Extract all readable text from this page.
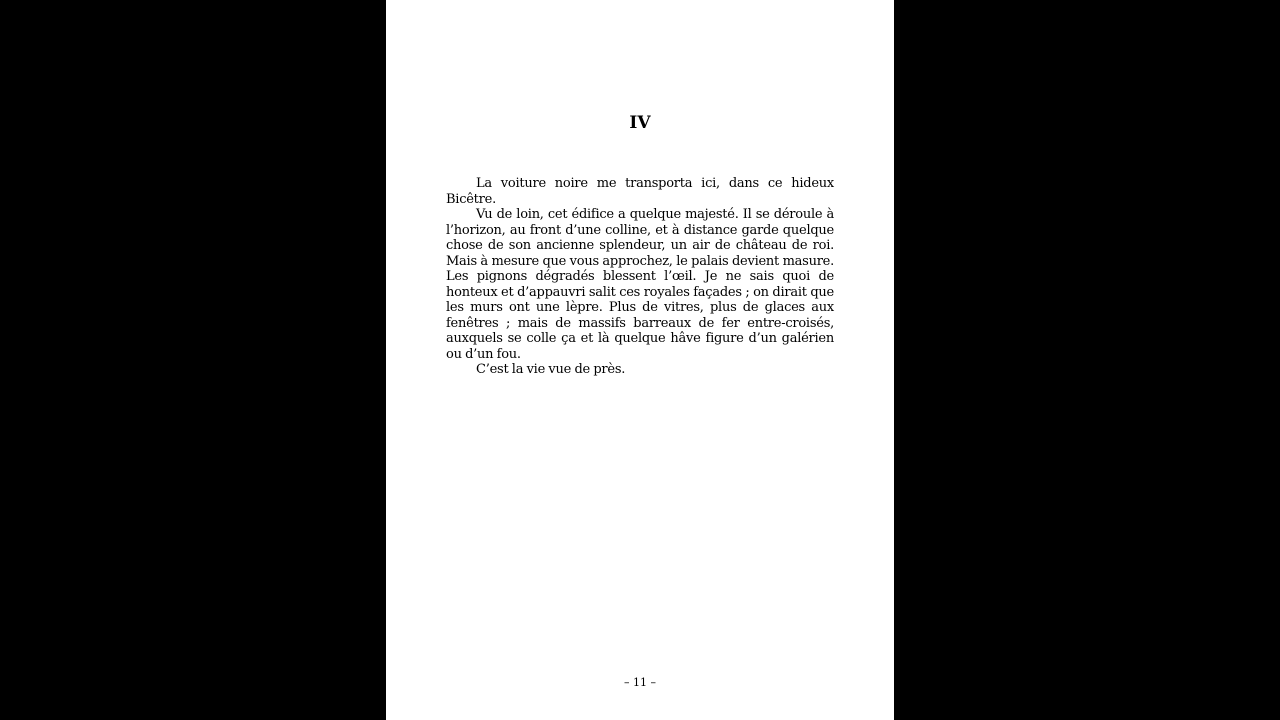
IV

La voiture noire me transporta ici, dans ce hideux Bicêtre.

Vu de loin, cet édifice a quelque majesté. Il se déroule à l’horizon, au front d’une colline, et à distance garde quelque chose de son ancienne splendeur, un air de château de roi. Mais à mesure que vous approchez, le palais devient masure. Les pignons dégradés blessent l’œil. Je ne sais quoi de honteux et d’appauvri salit ces royales façades ; on dirait que les murs ont une lèpre. Plus de vitres, plus de glaces aux fenêtres ; mais de massifs barreaux de fer entre-croisés, auxquels se colle ça et là quelque hâve figure d’un galérien ou d’un fou.

C’est la vie vue de près.

– 11 –
